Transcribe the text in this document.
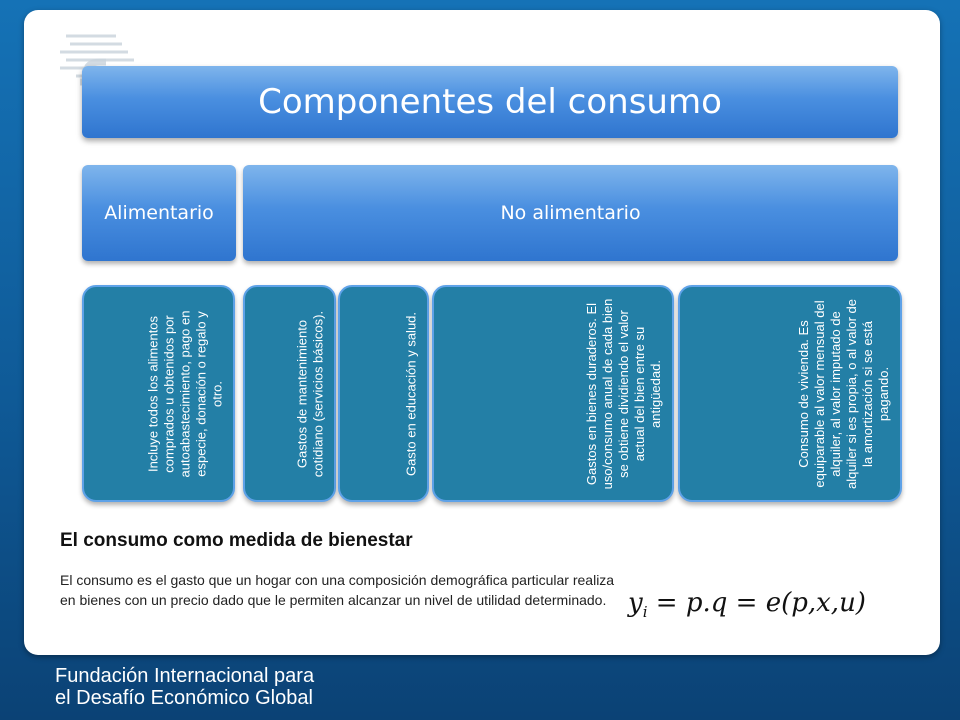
Componentes del consumo
Alimentario	No alimentario
Incluye todos los alimentos comprados u obtenidos por autoabastecimiento, pago en especie, donación o regalo y otro.	Gastos de mantenimiento cotidiano (servicios básicos).	Gasto en educación y salud.	Gastos en bienes duraderos. El uso/consumo anual de cada bien se obtiene dividiendo el valor actual del bien entre su antigüedad.	Consumo de vivienda. Es equiparable al valor mensual del alquiler, al valor imputado de alquiler si es propia, o al valor de la amortización si se está pagando.
El consumo como medida de bienestar
El consumo es el gasto que un hogar con una composición demográfica particular realiza en bienes con un precio dado que le permiten alcanzar un nivel de utilidad determinado. $y_i = p.q = e(p,x,u)$
Fundación Internacional para
el Desafío Económico Global
